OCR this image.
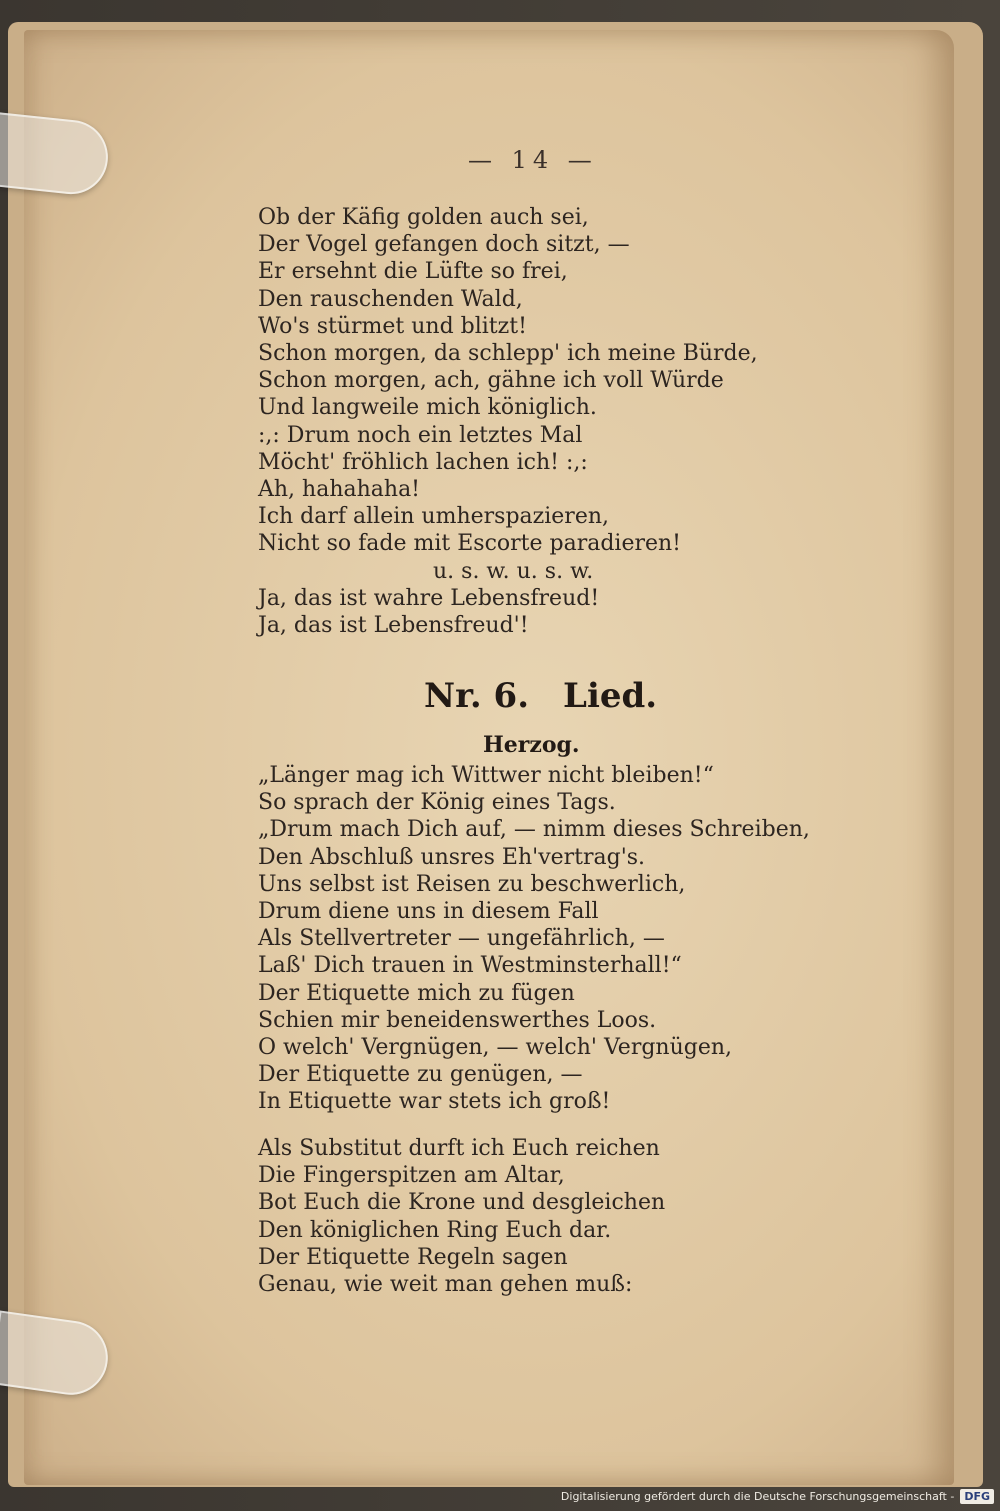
— 14 —
Ob der Käfig golden auch sei,
Der Vogel gefangen doch sitzt, —
Er ersehnt die Lüfte so frei,
Den rauschenden Wald,
Wo's stürmet und blitzt!
Schon morgen, da schlepp' ich meine Bürde,
Schon morgen, ach, gähne ich voll Würde
Und langweile mich königlich.
:,: Drum noch ein letztes Mal
Möcht' fröhlich lachen ich! :,:
Ah, hahahaha!
Ich darf allein umherspazieren,
Nicht so fade mit Escorte paradieren!
u. s. w. u. s. w.
Ja, das ist wahre Lebensfreud!
Ja, das ist Lebensfreud'!
Nr. 6. Lied.
Herzog.
„Länger mag ich Wittwer nicht bleiben!“
So sprach der König eines Tags.
„Drum mach Dich auf, — nimm dieses Schreiben,
Den Abschluß unsres Eh'vertrag's.
Uns selbst ist Reisen zu beschwerlich,
Drum diene uns in diesem Fall
Als Stellvertreter — ungefährlich, —
Laß' Dich trauen in Westminsterhall!“
Der Etiquette mich zu fügen
Schien mir beneidenswerthes Loos.
O welch' Vergnügen, — welch' Vergnügen,
Der Etiquette zu genügen, —
In Etiquette war stets ich groß!
Als Substitut durft ich Euch reichen
Die Fingerspitzen am Altar,
Bot Euch die Krone und desgleichen
Den königlichen Ring Euch dar.
Der Etiquette Regeln sagen
Genau, wie weit man gehen muß:
Digitalisierung gefördert durch die Deutsche Forschungsgemeinschaft - DFG
